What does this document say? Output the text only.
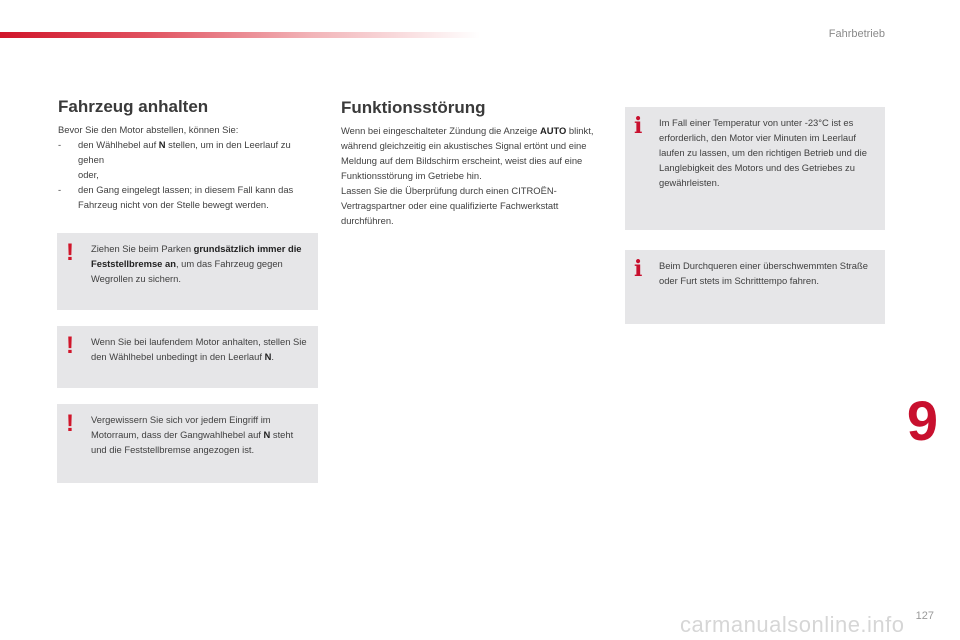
Fahrbetrieb
Fahrzeug anhalten
Bevor Sie den Motor abstellen, können Sie:
- den Wählhebel auf N stellen, um in den Leerlauf zu gehen
oder,
- den Gang eingelegt lassen; in diesem Fall kann das Fahrzeug nicht von der Stelle bewegt werden.
! Ziehen Sie beim Parken grundsätzlich immer die Feststellbremse an, um das Fahrzeug gegen Wegrollen zu sichern.
! Wenn Sie bei laufendem Motor anhalten, stellen Sie den Wählhebel unbedingt in den Leerlauf N.
! Vergewissern Sie sich vor jedem Eingriff im Motorraum, dass der Gangwahlhebel auf N steht und die Feststellbremse angezogen ist.
Funktionsstörung
Wenn bei eingeschalteter Zündung die Anzeige AUTO blinkt, während gleichzeitig ein akustisches Signal ertönt und eine Meldung auf dem Bildschirm erscheint, weist dies auf eine Funktionsstörung im Getriebe hin.
Lassen Sie die Überprüfung durch einen CITROËN-Vertragspartner oder eine qualifizierte Fachwerkstatt durchführen.
i Im Fall einer Temperatur von unter -23°C ist es erforderlich, den Motor vier Minuten im Leerlauf laufen zu lassen, um den richtigen Betrieb und die Langlebigkeit des Motors und des Getriebes zu gewährleisten.
i Beim Durchqueren einer überschwemmten Straße oder Furt stets im Schritttempo fahren.
9
carmanualsonline.info 127
